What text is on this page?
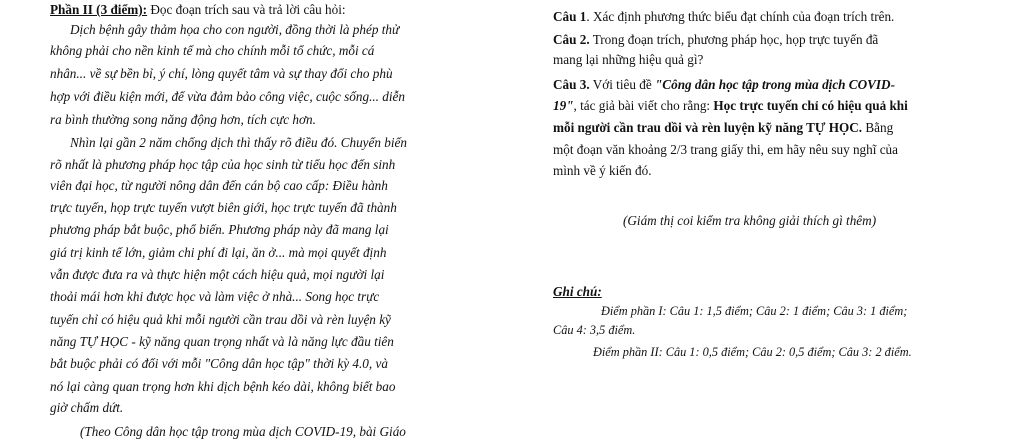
Phần II (3 điểm): Đọc đoạn trích sau và trả lời câu hỏi:
Dịch bệnh gây thảm họa cho con người, đồng thời là phép thử
không phải cho nền kinh tế mà cho chính mỗi tổ chức, mỗi cá
nhân... về sự bền bỉ, ý chí, lòng quyết tâm và sự thay đổi cho phù
hợp với điều kiện mới, để vừa đảm bảo công việc, cuộc sống... diễn
ra bình thường song năng động hơn, tích cực hơn.
Nhìn lại gần 2 năm chống dịch thì thấy rõ điều đó. Chuyển biến
rõ nhất là phương pháp học tập của học sinh từ tiểu học đến sinh
viên đại học, từ người nông dân đến cán bộ cao cấp: Điều hành
trực tuyến, họp trực tuyến vượt biên giới, học trực tuyến đã thành
phương pháp bắt buộc, phổ biến. Phương pháp này đã mang lại
giá trị kinh tế lớn, giảm chi phí đi lại, ăn ở... mà mọi quyết định
vẫn được đưa ra và thực hiện một cách hiệu quả, mọi người lại
thoải mái hơn khi được học và làm việc ở nhà... Song học trực
tuyến chỉ có hiệu quả khi mỗi người cần trau dồi và rèn luyện kỹ
năng TỰ HỌC - kỹ năng quan trọng nhất và là năng lực đầu tiên
bắt buộc phải có đối với mỗi "Công dân học tập" thời kỳ 4.0, và
nó lại càng quan trọng hơn khi dịch bệnh kéo dài, không biết bao
giờ chấm dứt.
(Theo Công dân học tập trong mùa dịch COVID-19, bài Giáo
Câu 1. Xác định phương thức biểu đạt chính của đoạn trích trên.
Câu 2. Trong đoạn trích, phương pháp học, họp trực tuyến đã
mang lại những hiệu quả gì?
Câu 3. Với tiêu đề "Công dân học tập trong mùa dịch COVID-
19", tác giả bài viết cho rằng: Học trực tuyến chỉ có hiệu quả khi
mỗi người cần trau dồi và rèn luyện kỹ năng TỰ HỌC. Bằng
một đoạn văn khoảng 2/3 trang giấy thi, em hãy nêu suy nghĩ của
mình về ý kiến đó.
(Giám thị coi kiểm tra không giải thích gì thêm)
Ghi chú:
Điểm phần I: Câu 1: 1,5 điểm; Câu 2: 1 điểm; Câu 3: 1 điểm;
Câu 4: 3,5 điểm.
Điểm phần II: Câu 1: 0,5 điểm; Câu 2: 0,5 điểm; Câu 3: 2 điểm.
